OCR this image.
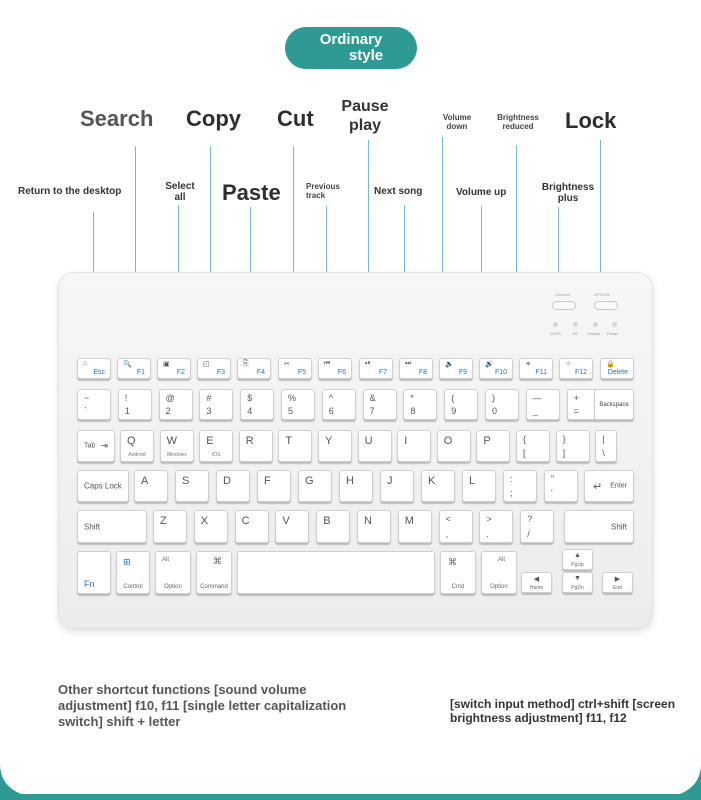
Ordinary
style
Search Copy Cut Pause
play	Volume
down
Brightness
reduced	Lock
Return to the desktop	Select
all	Paste	Previous
track	Next song	Volume up	Brightness
plus
Connect	OPTION
CAPS	BT Charge Power
⌂
Esc
🔍
F1
▣
F2
◰
F3
⎘
F4
✂
F5
⏮
F6
⏯
F7
⏭
F8
🔈
F9
🔊
F10
☀
F11
☼
F12
🔒
Delete
~
`
!
1
@
2
#
3
$
4
%
5
^
6
&
7
*
8
(
9
)
0
—
_
+
=
Backspace
Tab ⇥ Q
Android
W
Windows
E
IOS
R	T	Y	U	I	O	P	{
[
}
]
|
\
Caps Lock A	S	D	F	G	H	J	K	L	:
;
"
'
Enter
↵
Shift	Z	X	C	V	B	N	M	<
,
>
.
?
/
Shift
Fn
⊞
Control
Alt
Option
⌘
Command
⌘
Cmd
Alt
Option
◀
Home
▲
PgUp
▼
PgDn
▶
End
Other shortcut functions [sound volume adjustment] f10, f11 [single letter capitalization switch] shift + letter
[switch input method] ctrl+shift [screen brightness adjustment] f11, f12
